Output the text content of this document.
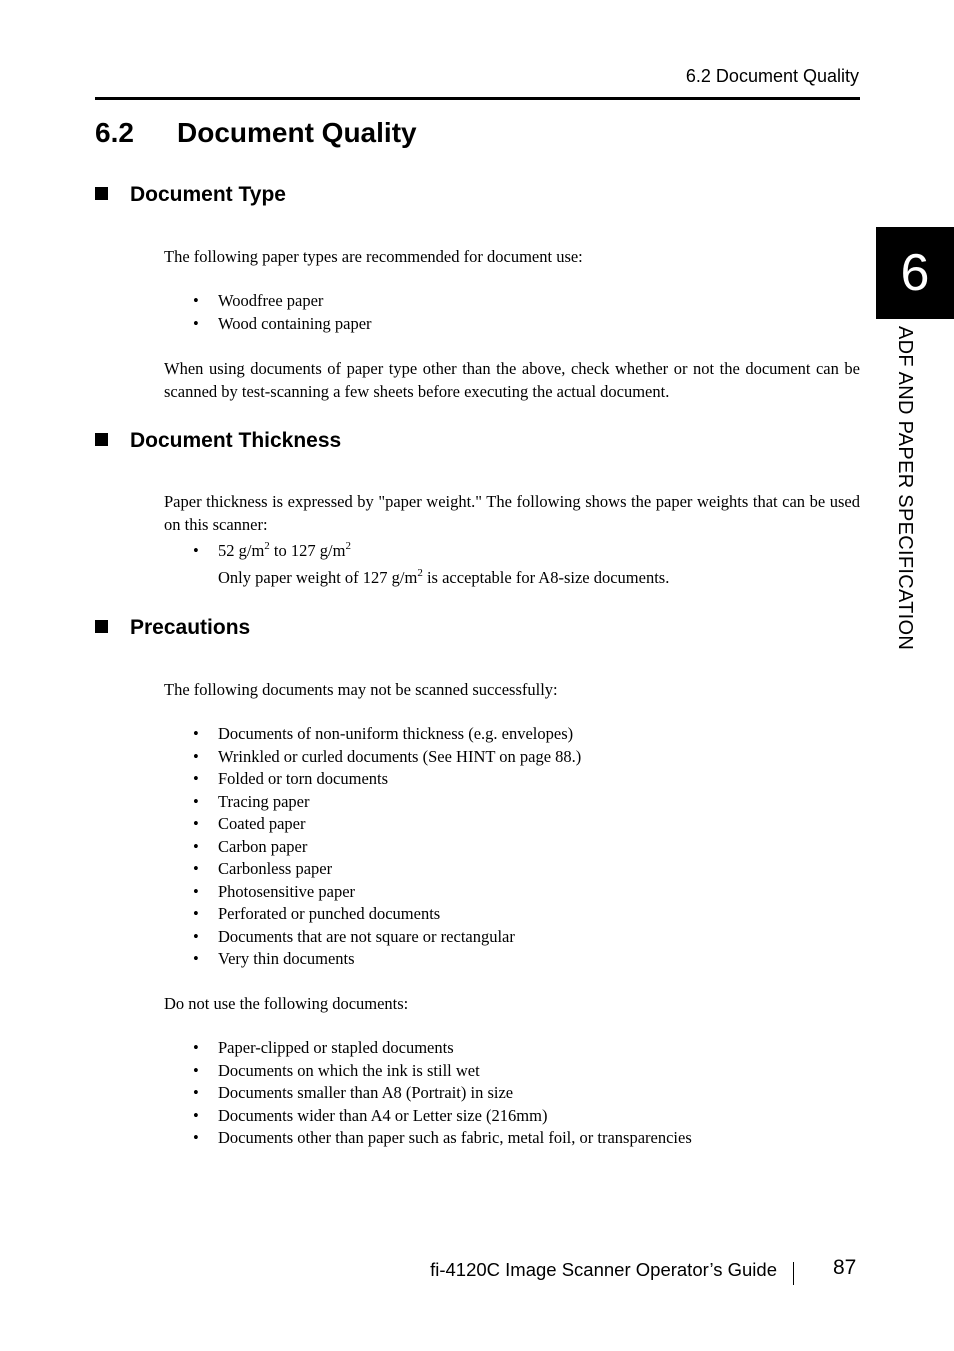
6.2 Document Quality
6.2 Document Quality
6
ADF AND PAPER SPECIFICATION
Document Type
The following paper types are recommended for document use:
• Woodfree paper
• Wood containing paper
When using documents of paper type other than the above, check whether or not the document can be scanned by test-scanning a few sheets before executing the actual document.
Document Thickness
Paper thickness is expressed by "paper weight." The following shows the paper weights that can be used on this scanner:
• 52 $g/m^2$ to 127 $g/m^2$
Only paper weight of 127 $g/m^2$ is acceptable for A8-size documents.
Precautions
The following documents may not be scanned successfully:
• Documents of non-uniform thickness (e.g. envelopes)
• Wrinkled or curled documents (See HINT on page 88.)
• Folded or torn documents
• Tracing paper
• Coated paper
• Carbon paper
• Carbonless paper
• Photosensitive paper
• Perforated or punched documents
• Documents that are not square or rectangular
• Very thin documents
Do not use the following documents:
• Paper-clipped or stapled documents
• Documents on which the ink is still wet
• Documents smaller than A8 (Portrait) in size
• Documents wider than A4 or Letter size (216mm)
• Documents other than paper such as fabric, metal foil, or transparencies
fi-4120C Image Scanner Operator’s Guide	87
